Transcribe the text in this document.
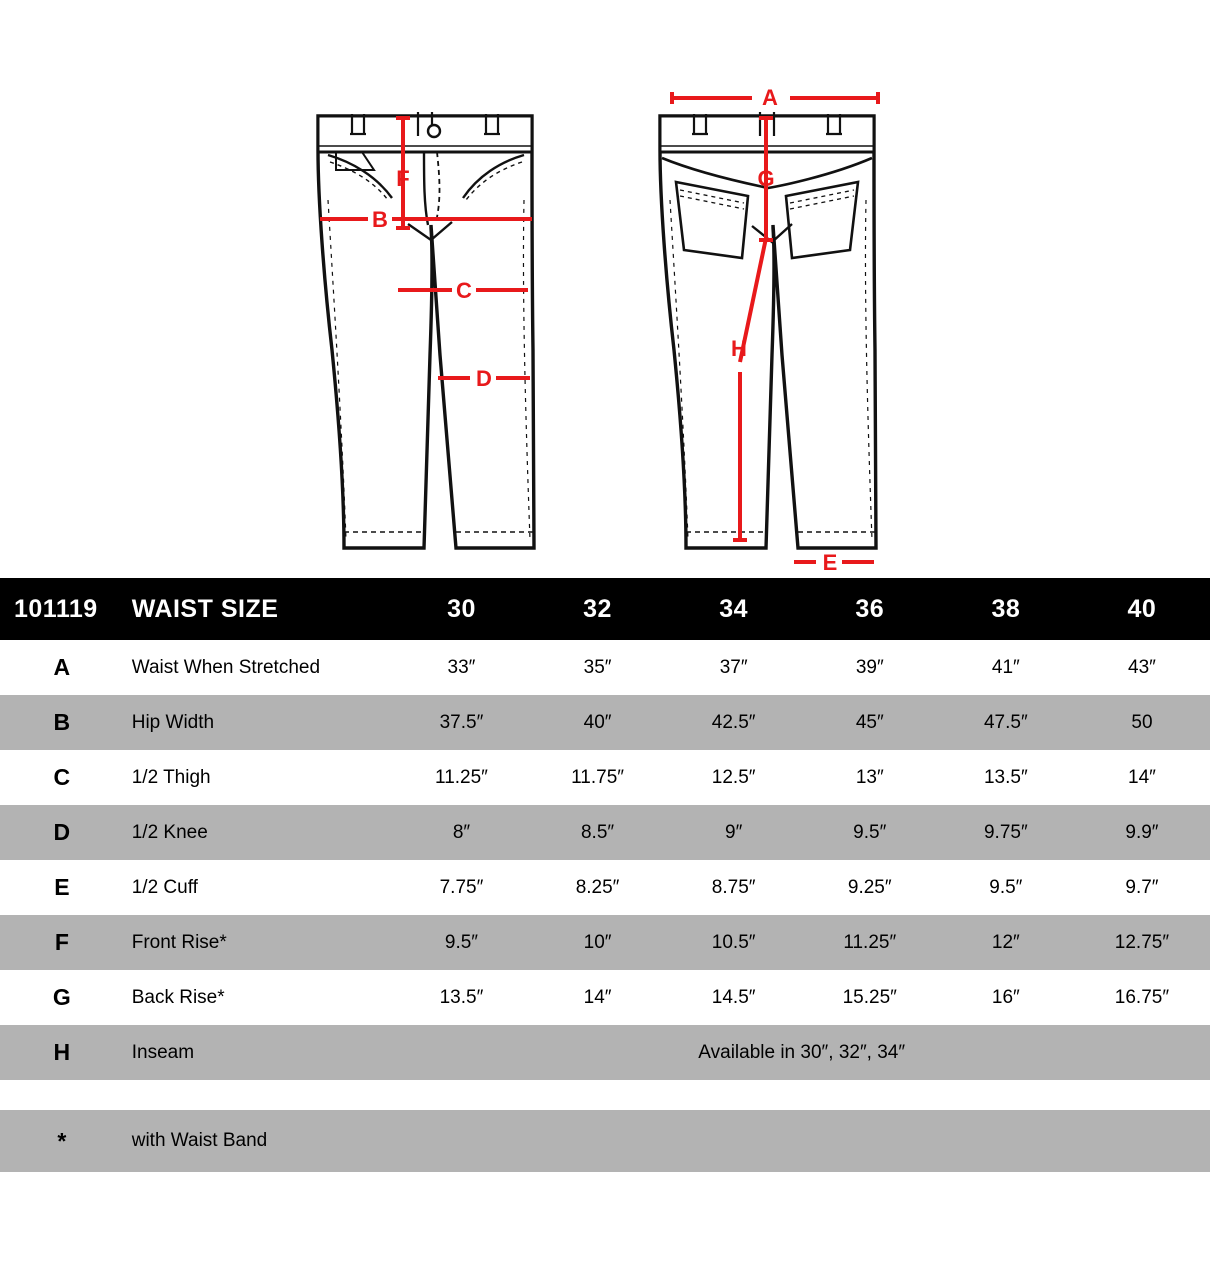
F
B
C
D
A
G
H
E
101119	WAIST SIZE	30	32	34	36	38	40
A	Waist When Stretched	33″	35″	37″	39″	41″	43″
B	Hip Width	37.5″	40″	42.5″	45″	47.5″	50
C	1/2 Thigh	11.25″	11.75″	12.5″	13″	13.5″	14″
D	1/2 Knee	8″	8.5″	9″	9.5″	9.75″	9.9″
E	1/2 Cuff	7.75″	8.25″	8.75″	9.25″	9.5″	9.7″
F	Front Rise*	9.5″	10″	10.5″	11.25″	12″	12.75″
G	Back Rise*	13.5″	14″	14.5″	15.25″	16″	16.75″
H	Inseam	Available in 30″, 32″, 34″					

*	with Waist Band						
